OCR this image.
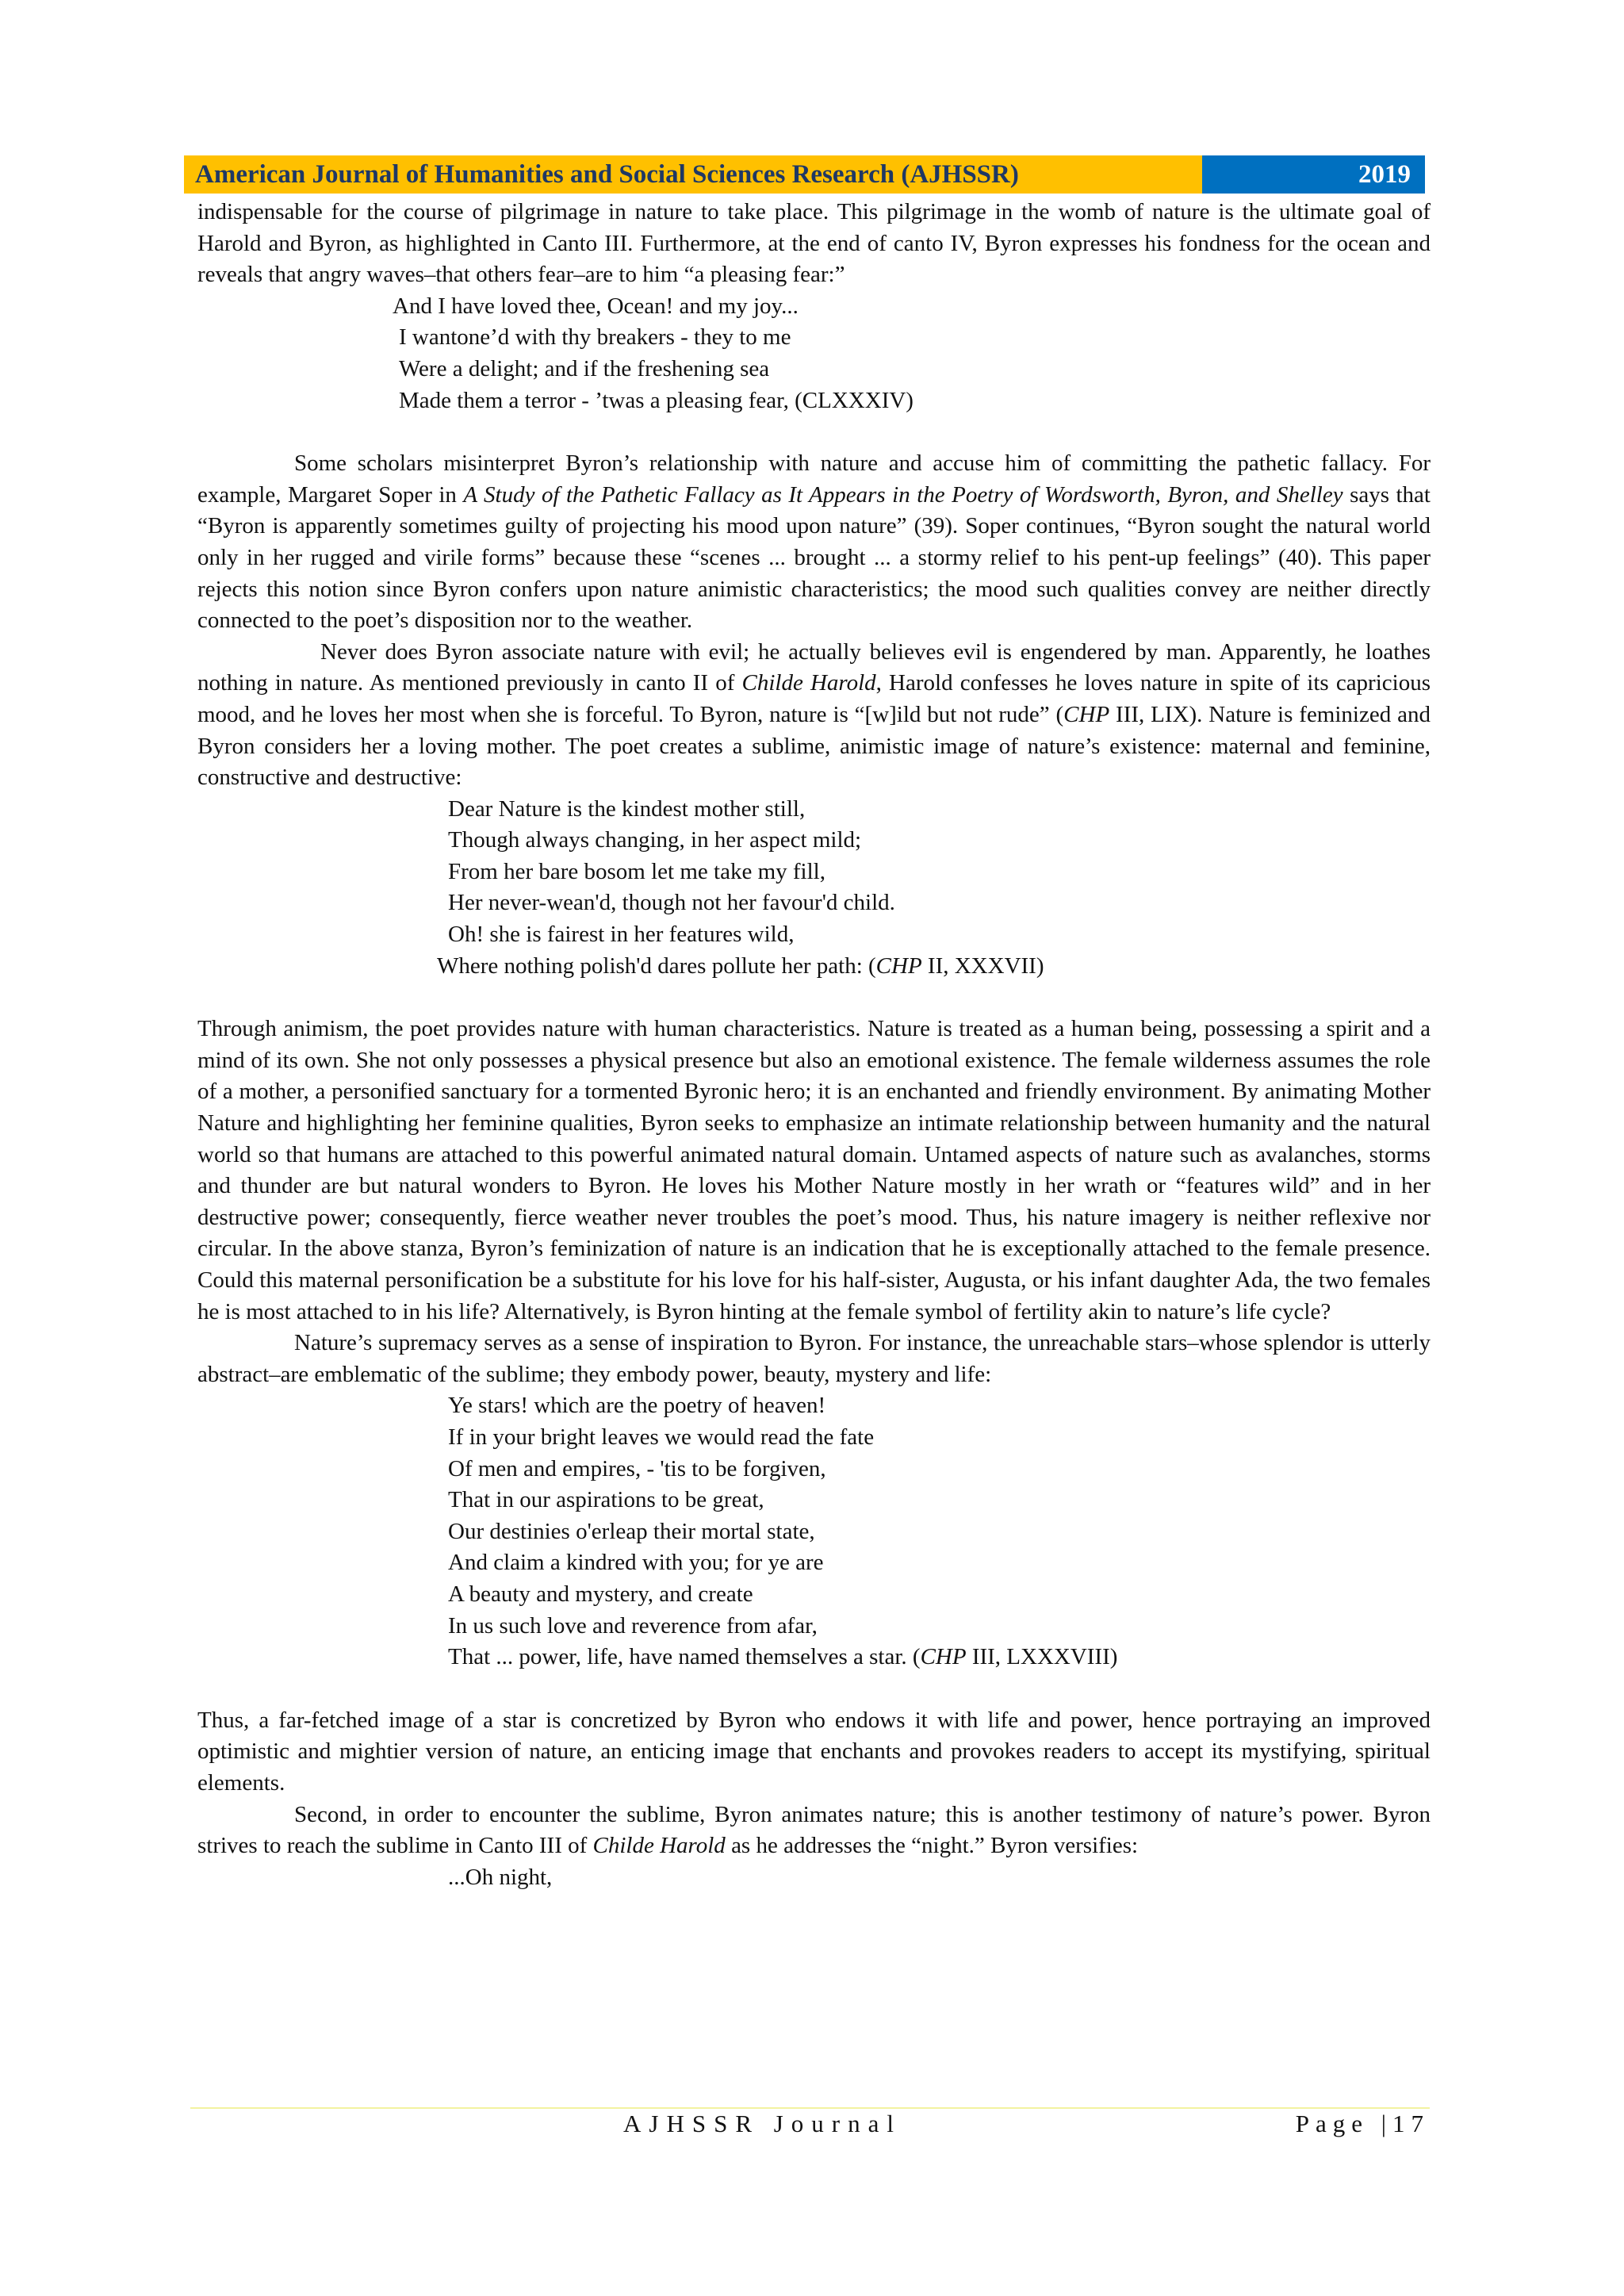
American Journal of Humanities and Social Sciences Research (AJHSSR)	2019

indispensable for the course of pilgrimage in nature to take place. This pilgrimage in the womb of nature is the ultimate goal of Harold and Byron, as highlighted in Canto III. Furthermore, at the end of canto IV, Byron expresses his fondness for the ocean and reveals that angry waves–that others fear–are to him “a pleasing fear:”

And I have loved thee, Ocean! and my joy...
I wantone’d with thy breakers - they to me
Were a delight; and if the freshening sea
Made them a terror - ’twas a pleasing fear, (CLXXXIV)

Some scholars misinterpret Byron’s relationship with nature and accuse him of committing the pathetic fallacy. For example, Margaret Soper in A Study of the Pathetic Fallacy as It Appears in the Poetry of Wordsworth, Byron, and Shelley says that “Byron is apparently sometimes guilty of projecting his mood upon nature” (39). Soper continues, “Byron sought the natural world only in her rugged and virile forms” because these “scenes ... brought ... a stormy relief to his pent-up feelings” (40). This paper rejects this notion since Byron confers upon nature animistic characteristics; the mood such qualities convey are neither directly connected to the poet’s disposition nor to the weather.

Never does Byron associate nature with evil; he actually believes evil is engendered by man. Apparently, he loathes nothing in nature. As mentioned previously in canto II of Childe Harold, Harold confesses he loves nature in spite of its capricious mood, and he loves her most when she is forceful. To Byron, nature is “[w]ild but not rude” (CHP III, LIX). Nature is feminized and Byron considers her a loving mother. The poet creates a sublime, animistic image of nature’s existence: maternal and feminine, constructive and destructive:

Dear Nature is the kindest mother still,
Though always changing, in her aspect mild;
From her bare bosom let me take my fill,
Her never-wean'd, though not her favour'd child.
Oh! she is fairest in her features wild,
Where nothing polish'd dares pollute her path: (CHP II, XXXVII)

Through animism, the poet provides nature with human characteristics. Nature is treated as a human being, possessing a spirit and a mind of its own. She not only possesses a physical presence but also an emotional existence. The female wilderness assumes the role of a mother, a personified sanctuary for a tormented Byronic hero; it is an enchanted and friendly environment. By animating Mother Nature and highlighting her feminine qualities, Byron seeks to emphasize an intimate relationship between humanity and the natural world so that humans are attached to this powerful animated natural domain. Untamed aspects of nature such as avalanches, storms and thunder are but natural wonders to Byron. He loves his Mother Nature mostly in her wrath or “features wild” and in her destructive power; consequently, fierce weather never troubles the poet’s mood. Thus, his nature imagery is neither reflexive nor circular. In the above stanza, Byron’s feminization of nature is an indication that he is exceptionally attached to the female presence. Could this maternal personification be a substitute for his love for his half-sister, Augusta, or his infant daughter Ada, the two females he is most attached to in his life? Alternatively, is Byron hinting at the female symbol of fertility akin to nature’s life cycle?

Nature’s supremacy serves as a sense of inspiration to Byron. For instance, the unreachable stars–whose splendor is utterly abstract–are emblematic of the sublime; they embody power, beauty, mystery and life:

Ye stars! which are the poetry of heaven!
If in your bright leaves we would read the fate
Of men and empires, - 'tis to be forgiven,
That in our aspirations to be great,
Our destinies o'erleap their mortal state,
And claim a kindred with you; for ye are
A beauty and mystery, and create
In us such love and reverence from afar,
That ... power, life, have named themselves a star. (CHP III, LXXXVIII)

Thus, a far-fetched image of a star is concretized by Byron who endows it with life and power, hence portraying an improved optimistic and mightier version of nature, an enticing image that enchants and provokes readers to accept its mystifying, spiritual elements.

Second, in order to encounter the sublime, Byron animates nature; this is another testimony of nature’s power. Byron strives to reach the sublime in Canto III of Childe Harold as he addresses the “night.” Byron versifies:

...Oh night,
AJHSSR Journal	Page |17
